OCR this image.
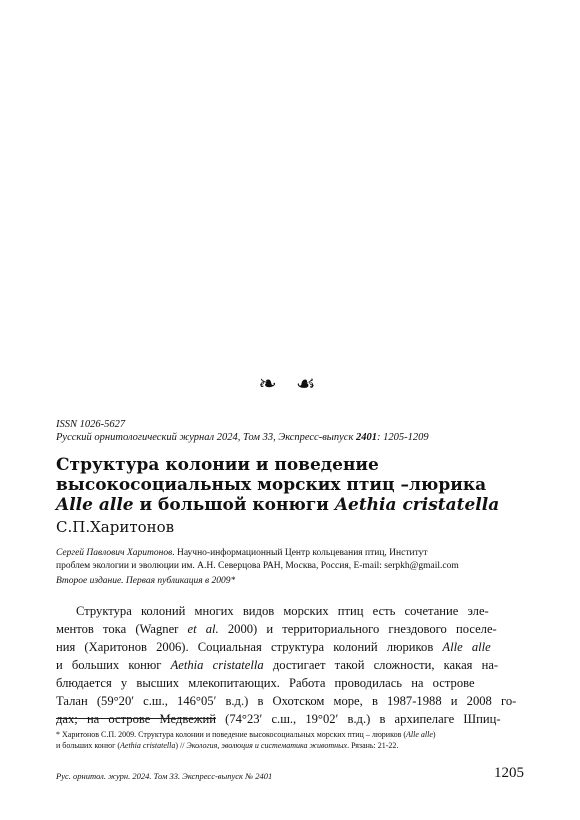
❧ ☙
ISSN 1026-5627
Русский орнитологический журнал 2024, Том 33, Экспресс-выпуск 2401: 1205-1209
Структура колонии и поведение
высокосоциальных морских птиц –люрика
Alle alle и большой конюги Aethia cristatella
С.П.Харитонов
Сергей Павлович Харитонов. Научно-информационный Центр кольцевания птиц, Институт
проблем экологии и эволюции им. А.Н. Северцова РАН, Москва, Россия, E-mail: serpkh@gmail.com
Второе издание. Первая публикация в 2009*
Структура колоний многих видов морских птиц есть сочетание эле-
ментов тока (Wagner et al. 2000) и территориального гнездового поселе-
ния (Харитонов 2006). Социальная структура колоний люриков Alle alle
и больших конюг Aethia cristatella достигает такой сложности, какая на-
блюдается у высших млекопитающих. Работа проводилась на острове
Талан (59°20′ с.ш., 146°05′ в.д.) в Охотском море, в 1987-1988 и 2008 го-
дах; на острове Медвежий (74°23′ с.ш., 19°02′ в.д.) в архипелаге Шпиц-
* Харитонов С.П. 2009. Структура колонии и поведение высокосоциальных морских птиц – люриков (Alle alle)
и больших конюг (Aethia cristatella) // Экология, эволюция и систематика животных. Рязань: 21-22.
Рус. орнитол. журн. 2024. Том 33. Экспресс-выпуск № 2401	1205
